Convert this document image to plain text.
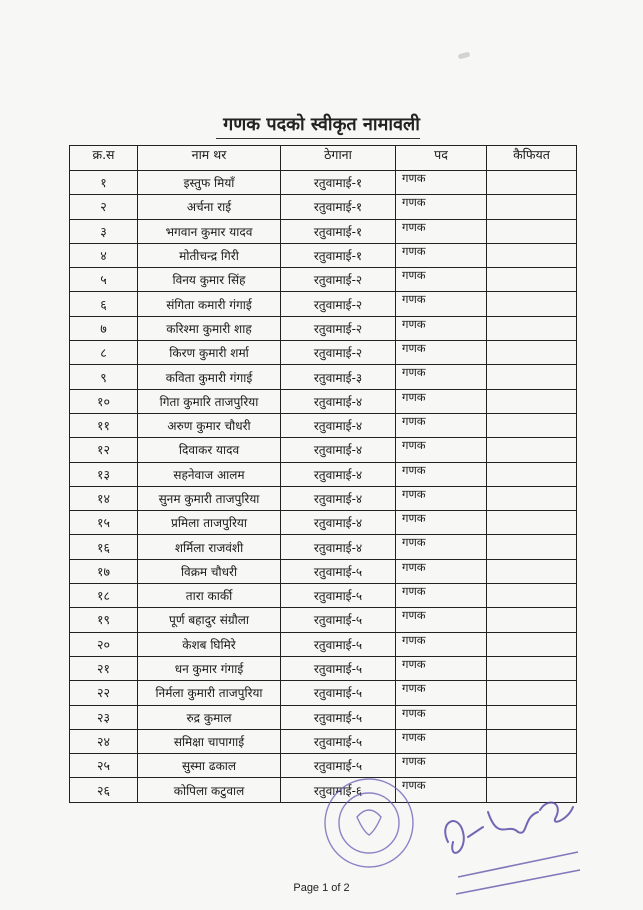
गणक पदको स्वीकृत नामावली
क्र.स	नाम थर	ठेगाना	पद	कैफियत
१	इस्तुफ मियाँ	रतुवामाई-१	गणक	
२	अर्चना राई	रतुवामाई-१	गणक	
३	भगवान कुमार यादव	रतुवामाई-१	गणक	
४	मोतीचन्द्र गिरी	रतुवामाई-१	गणक	
५	विनय कुमार सिंह	रतुवामाई-२	गणक	
६	संगिता कमारी गंगाई	रतुवामाई-२	गणक	
७	करिश्मा कुमारी शाह	रतुवामाई-२	गणक	
८	किरण कुमारी शर्मा	रतुवामाई-२	गणक	
९	कविता कुमारी गंगाई	रतुवामाई-३	गणक	
१०	गिता कुमारि ताजपुरिया	रतुवामाई-४	गणक	
११	अरुण कुमार चौधरी	रतुवामाई-४	गणक	
१२	दिवाकर यादव	रतुवामाई-४	गणक	
१३	सहनेवाज आलम	रतुवामाई-४	गणक	
१४	सुनम कुमारी ताजपुरिया	रतुवामाई-४	गणक	
१५	प्रमिला ताजपुरिया	रतुवामाई-४	गणक	
१६	शर्मिला राजवंशी	रतुवामाई-४	गणक	
१७	विक्रम चौधरी	रतुवामाई-५	गणक	
१८	तारा कार्की	रतुवामाई-५	गणक	
१९	पूर्ण बहादुर संग्रौला	रतुवामाई-५	गणक	
२०	केशब घिमिरे	रतुवामाई-५	गणक	
२१	धन कुमार गंगाई	रतुवामाई-५	गणक	
२२	निर्मला कुमारी ताजपुरिया	रतुवामाई-५	गणक	
२३	रुद्र कुमाल	रतुवामाई-५	गणक	
२४	समिक्षा चापागाई	रतुवामाई-५	गणक	
२५	सुस्मा ढकाल	रतुवामाई-५	गणक	
२६	कोपिला कटुवाल	रतुवामाई-६	गणक	
Page 1 of 2
